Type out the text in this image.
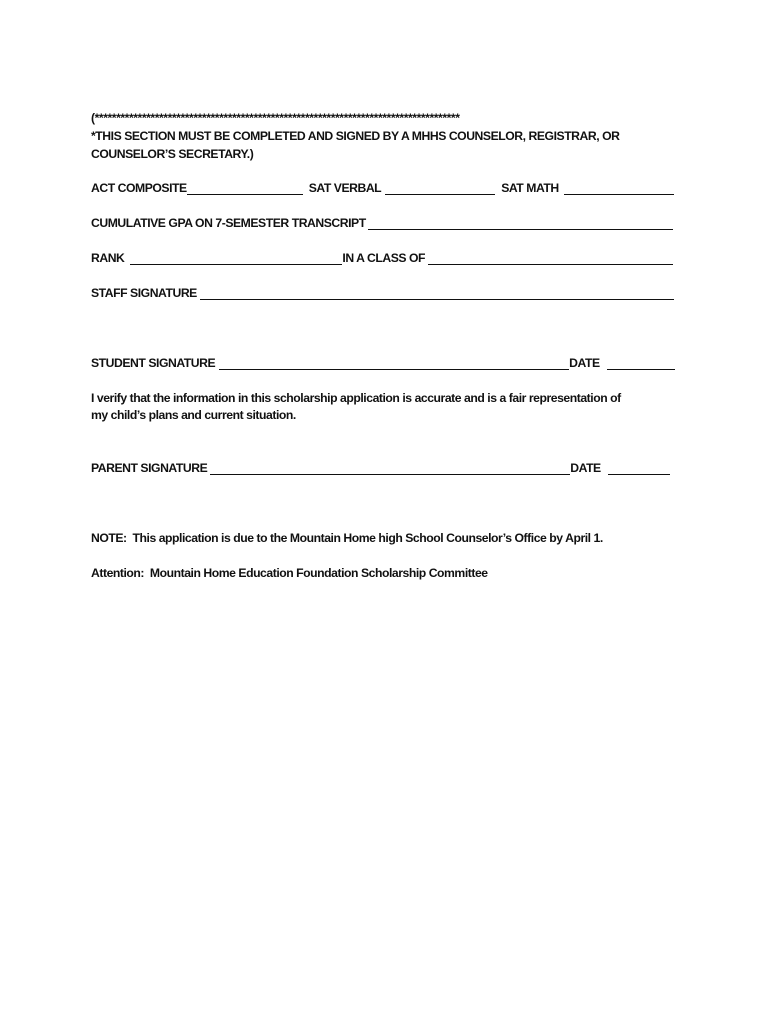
(*************************************************************************************
*THIS SECTION MUST BE COMPLETED AND SIGNED BY A MHHS COUNSELOR, REGISTRAR, OR
COUNSELOR’S SECRETARY.)
ACT COMPOSITE	SAT VERBAL	SAT MATH
CUMULATIVE GPA ON 7-SEMESTER TRANSCRIPT
RANK	IN A CLASS OF
STAFF SIGNATURE
STUDENT SIGNATURE	DATE
I verify that the information in this scholarship application is accurate and is a fair representation of
my child’s plans and current situation.
PARENT SIGNATURE	DATE
NOTE:  This application is due to the Mountain Home high School Counselor’s Office by April 1.
Attention:  Mountain Home Education Foundation Scholarship Committee
